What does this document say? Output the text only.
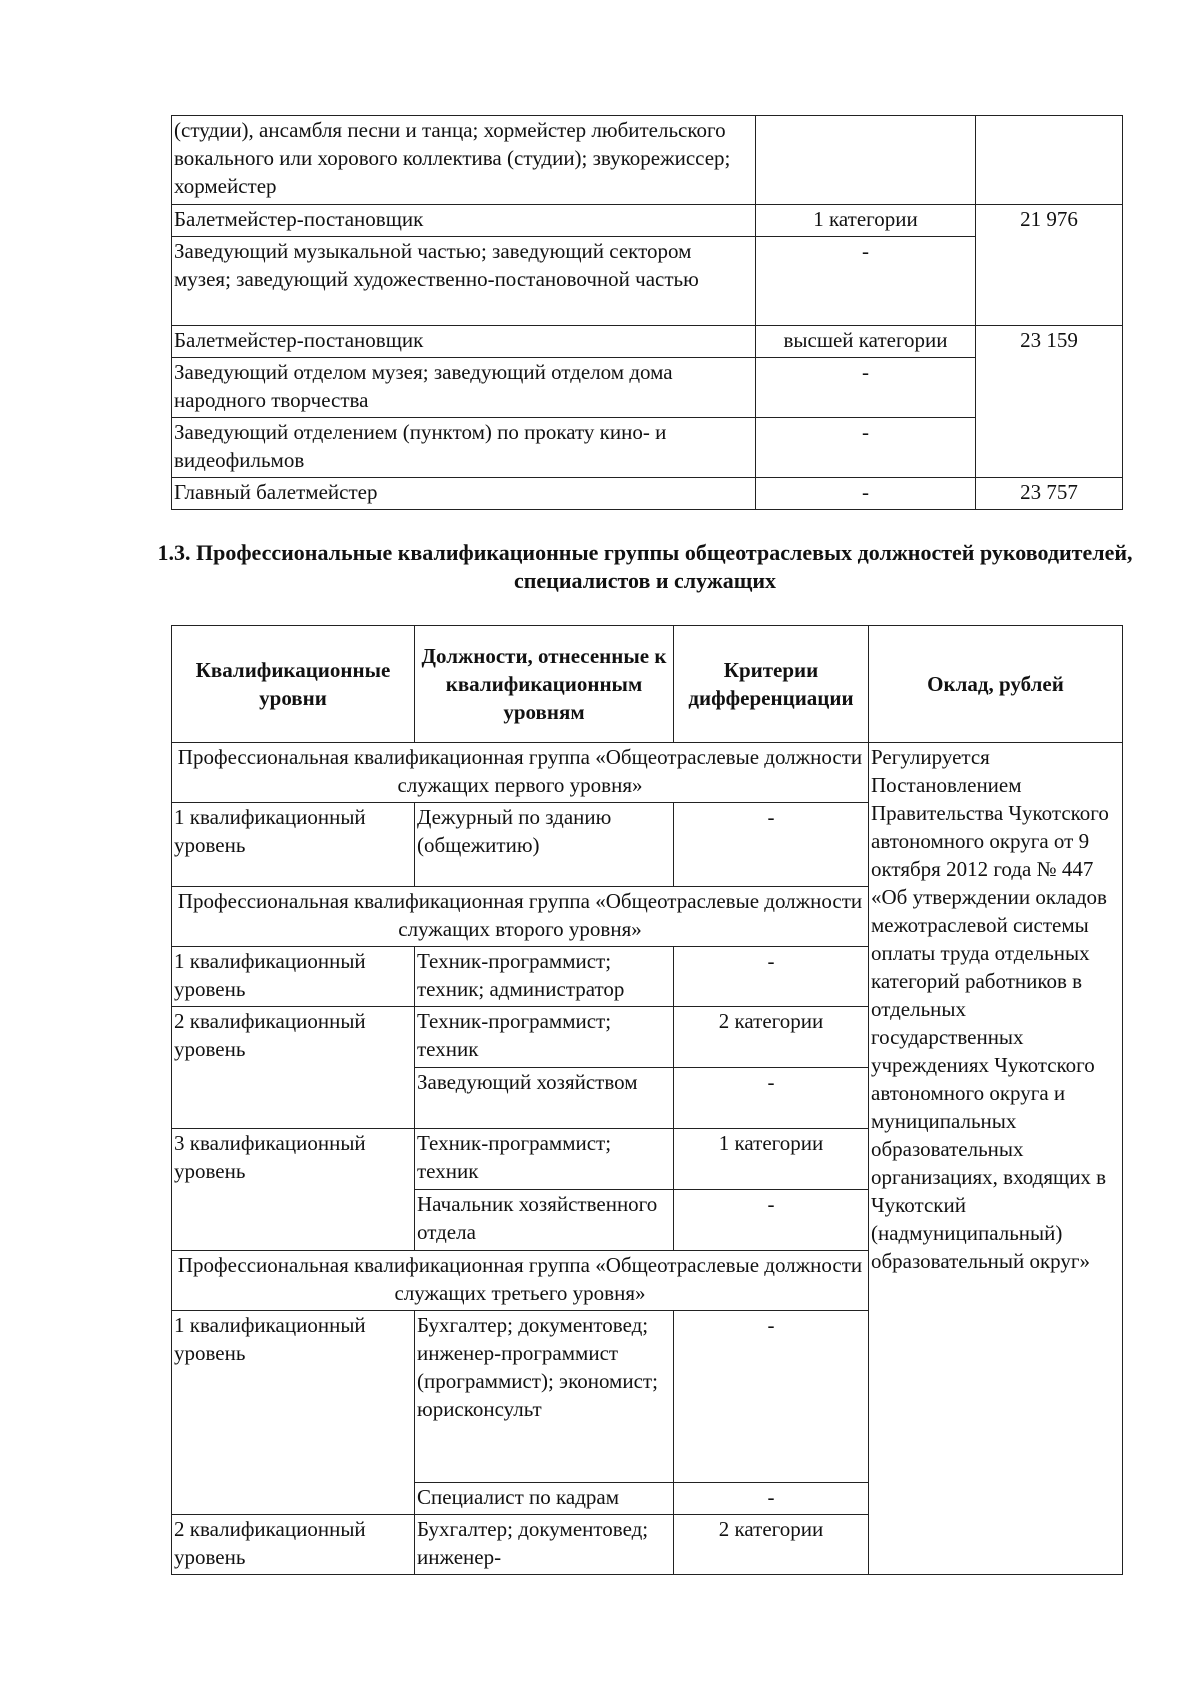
(студии), ансамбля песни и танца; хормейстер любительского вокального или хорового коллектива (студии); звукорежиссер; хормейстер		
Балетмейстер-постановщик	1 категории	21 976
Заведующий музыкальной частью; заведующий сектором музея; заведующий художественно-постановочной частью	-	
Балетмейстер-постановщик	высшей категории	23 159
Заведующий отделом музея; заведующий отделом дома народного творчества	-	
Заведующий отделением (пунктом) по прокату кино- и видеофильмов	-	
Главный балетмейстер	-	23 757
1.3. Профессиональные квалификационные группы общеотраслевых должностей руководителей, специалистов и служащих
Квалификационные уровни	Должности, отнесенные к квалификационным уровням	Критерии дифференциации	Оклад, рублей
Профессиональная квалификационная группа «Общеотраслевые должности служащих первого уровня»			Регулируется Постановлением Правительства Чукотского автономного округа от 9 октября 2012 года № 447 «Об утверждении окладов межотраслевой системы оплаты труда отдельных категорий работников в отдельных государственных учреждениях Чукотского автономного округа и муниципальных образовательных организациях, входящих в Чукотский (надмуниципальный) образовательный округ»
1 квалификационный уровень	Дежурный по зданию (общежитию)	-	
Профессиональная квалификационная группа «Общеотраслевые должности служащих второго уровня»			
1 квалификационный уровень	Техник-программист; техник; администратор	-	
2 квалификационный уровень	Техник-программист; техник	2 категории	
	Заведующий хозяйством	-	
3 квалификационный уровень	Техник-программист; техник	1 категории	
	Начальник хозяйственного отдела	-	
Профессиональная квалификационная группа «Общеотраслевые должности служащих третьего уровня»			
1 квалификационный уровень	Бухгалтер; документовед; инженер-программист (программист); экономист; юрисконсульт	-	
	Специалист по кадрам	-	
2 квалификационный уровень	Бухгалтер; документовед; инженер-	2 категории	
